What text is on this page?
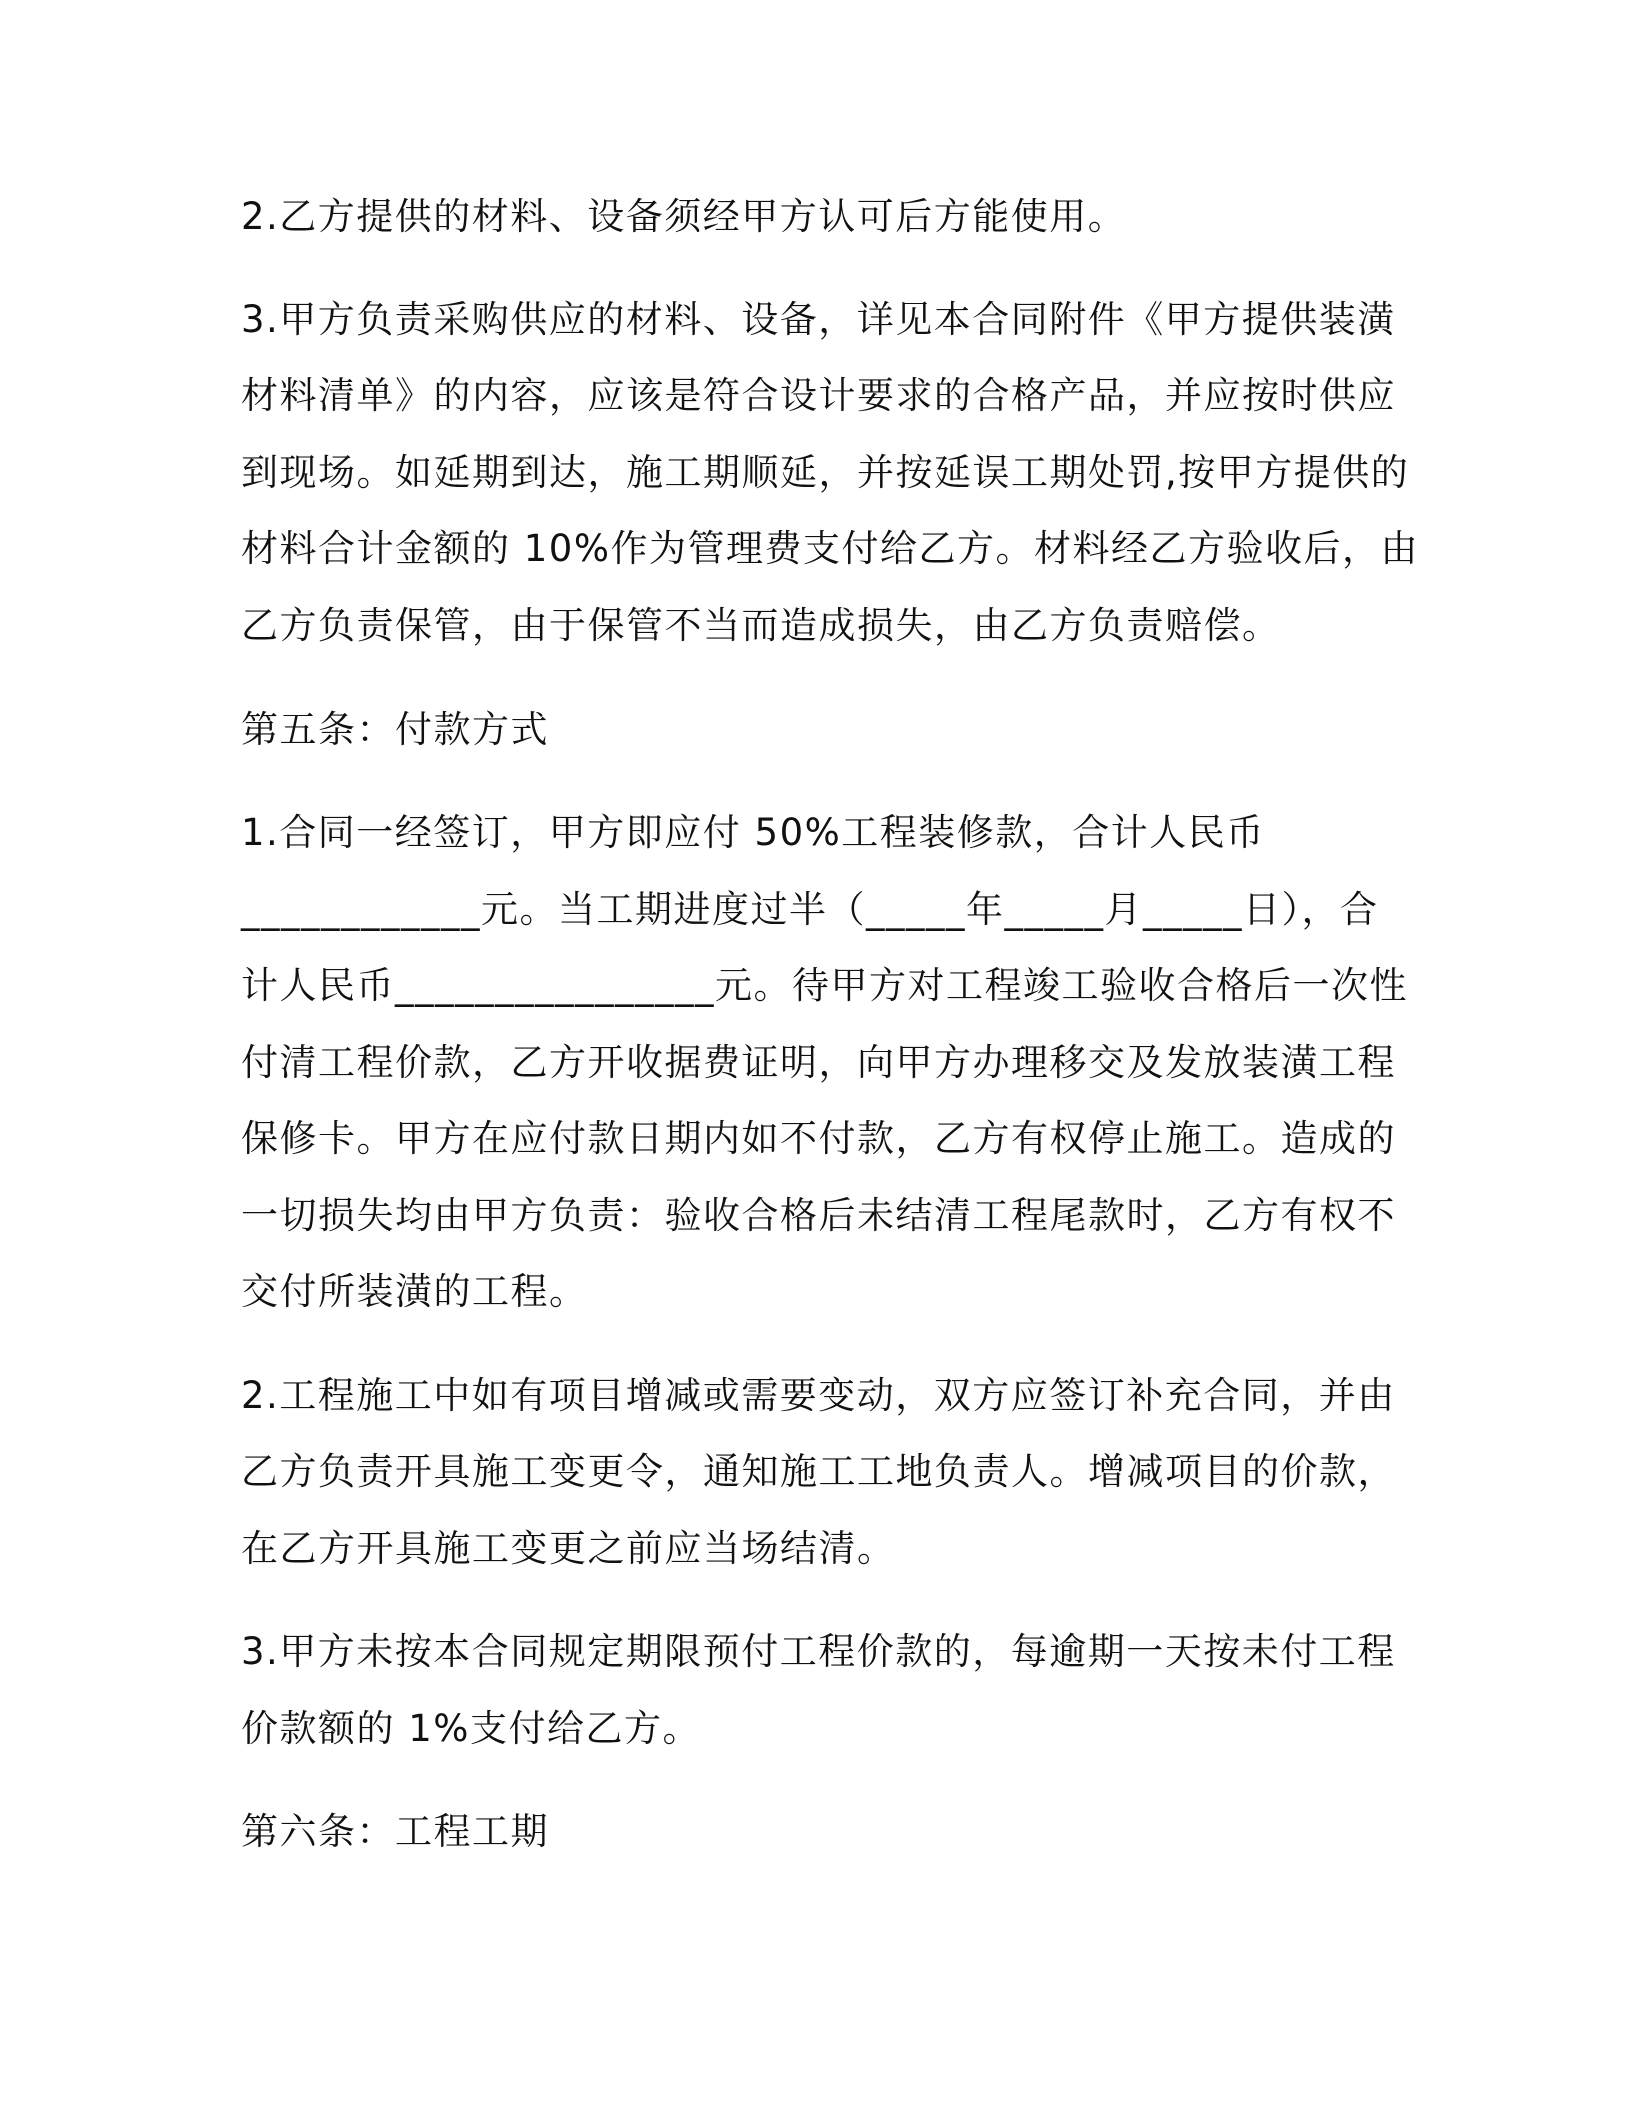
2.乙方提供的材料、设备须经甲方认可后方能使用。

3.甲方负责采购供应的材料、设备，详见本合同附件《甲方提供装潢

材料清单》的内容，应该是符合设计要求的合格产品，并应按时供应

到现场。如延期到达，施工期顺延，并按延误工期处罚,按甲方提供的

材料合计金额的 10%作为管理费支付给乙方。材料经乙方验收后，由

乙方负责保管，由于保管不当而造成损失，由乙方负责赔偿。

第五条：付款方式

1.合同一经签订，甲方即应付 50%工程装修款，合计人民币

____________元。当工期进度过半（_____年_____月_____日），合

计人民币________________元。待甲方对工程竣工验收合格后一次性

付清工程价款，乙方开收据费证明，向甲方办理移交及发放装潢工程

保修卡。甲方在应付款日期内如不付款，乙方有权停止施工。造成的

一切损失均由甲方负责：验收合格后未结清工程尾款时，乙方有权不

交付所装潢的工程。

2.工程施工中如有项目增减或需要变动，双方应签订补充合同，并由

乙方负责开具施工变更令，通知施工工地负责人。增减项目的价款，

在乙方开具施工变更之前应当场结清。

3.甲方未按本合同规定期限预付工程价款的，每逾期一天按未付工程

价款额的 1%支付给乙方。

第六条：工程工期
